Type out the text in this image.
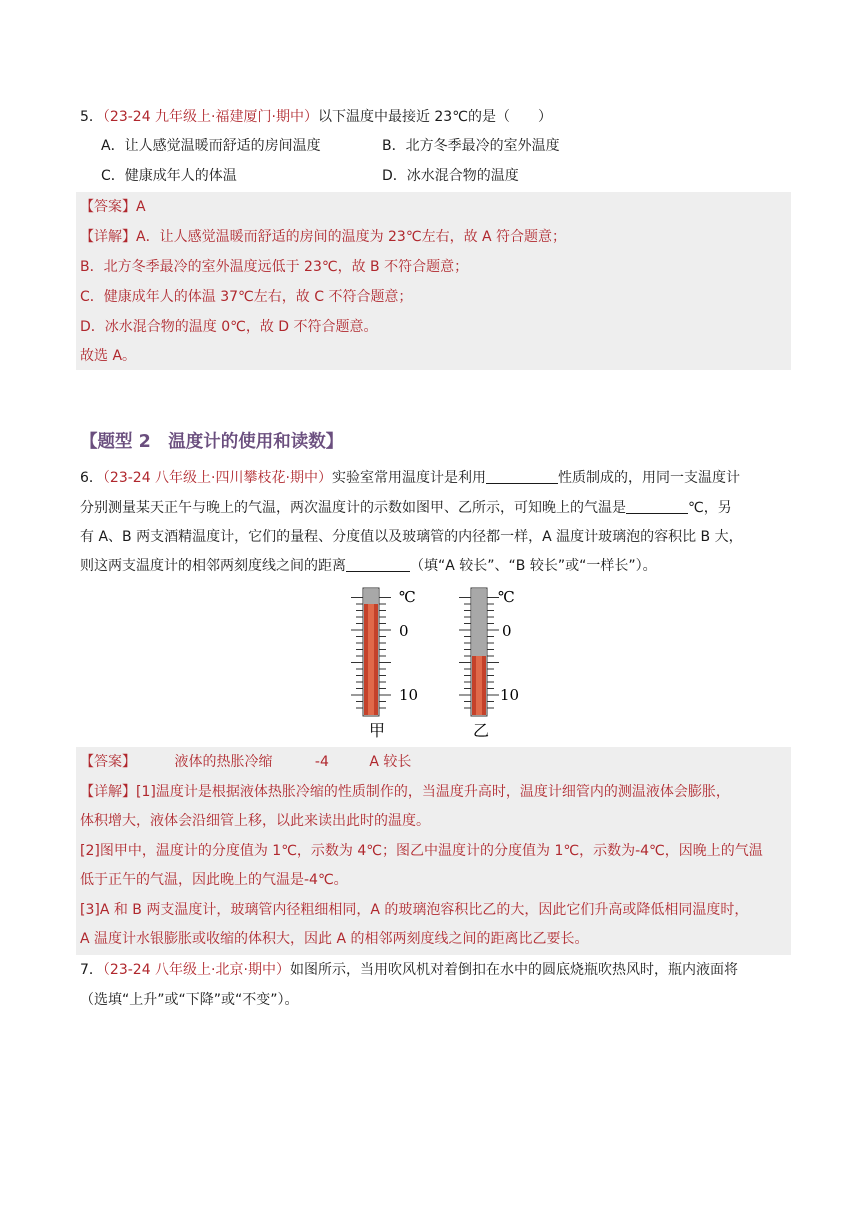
5．（23-24 九年级上·福建厦门·期中）以下温度中最接近 23℃的是（　　）
A．让人感觉温暖而舒适的房间温度	B．北方冬季最冷的室外温度
C．健康成年人的体温	D．冰水混合物的温度
【答案】A
【详解】A．让人感觉温暖而舒适的房间的温度为 23℃左右，故 A 符合题意；
B．北方冬季最冷的室外温度远低于 23℃，故 B 不符合题意；
C．健康成年人的体温 37℃左右，故 C 不符合题意；
D．冰水混合物的温度 0℃，故 D 不符合题意。
故选 A。
【题型 2　温度计的使用和读数】
6．（23-24 八年级上·四川攀枝花·期中）实验室常用温度计是利用	性质制成的，用同一支温度计
分别测量某天正午与晚上的气温，两次温度计的示数如图甲、乙所示，可知晚上的气温是	℃，另
有 A、B 两支酒精温度计，它们的量程、分度值以及玻璃管的内径都一样，A 温度计玻璃泡的容积比 B 大，
则这两支温度计的相邻两刻度线之间的距离	（填“A 较长”、“B 较长”或“一样长”）。
℃
0
10
甲
℃
0
10
乙
【答案】	液体的热胀冷缩	-4	A 较长
【详解】[1]温度计是根据液体热胀冷缩的性质制作的，当温度升高时，温度计细管内的测温液体会膨胀，
体积增大，液体会沿细管上移，以此来读出此时的温度。
[2]图甲中，温度计的分度值为 1℃，示数为 4℃；图乙中温度计的分度值为 1℃，示数为-4℃，因晚上的气温
低于正午的气温，因此晚上的气温是-4℃。
[3]A 和 B 两支温度计，玻璃管内径粗细相同，A 的玻璃泡容积比乙的大，因此它们升高或降低相同温度时，
A 温度计水银膨胀或收缩的体积大，因此 A 的相邻两刻度线之间的距离比乙要长。
7．（23-24 八年级上·北京·期中）如图所示，当用吹风机对着倒扣在水中的圆底烧瓶吹热风时，瓶内液面将
（选填“上升”或“下降”或“不变”）。
